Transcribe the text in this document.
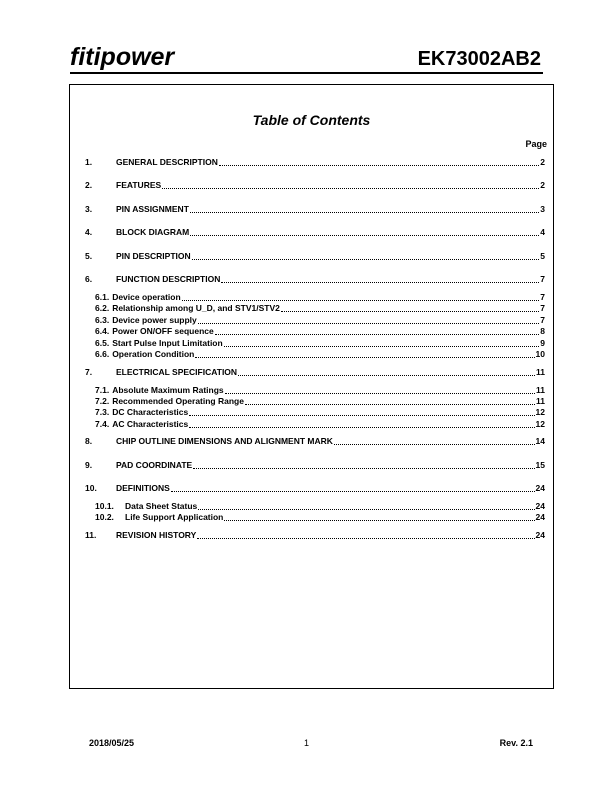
fitipower	EK73002AB2
Table of Contents
Page
1.	GENERAL DESCRIPTION	2
2.	FEATURES	2
3.	PIN ASSIGNMENT	3
4.	BLOCK DIAGRAM	4
5.	PIN DESCRIPTION	5
6.	FUNCTION DESCRIPTION	7
6.1. Device operation	7
6.2. Relationship among U_D, and STV1/STV2	7
6.3. Device power supply	7
6.4. Power ON/OFF sequence	8
6.5. Start Pulse Input Limitation	9
6.6. Operation Condition	10
7.	ELECTRICAL SPECIFICATION	11
7.1. Absolute Maximum Ratings	11
7.2. Recommended Operating Range	11
7.3. DC Characteristics	12
7.4. AC Characteristics	12
8.	CHIP OUTLINE DIMENSIONS AND ALIGNMENT MARK	14
9.	PAD COORDINATE	15
10.	DEFINITIONS	24
10.1.	Data Sheet Status	24
10.2.	Life Support Application	24
11.	REVISION HISTORY	24
2018/05/25	1	Rev. 2.1
